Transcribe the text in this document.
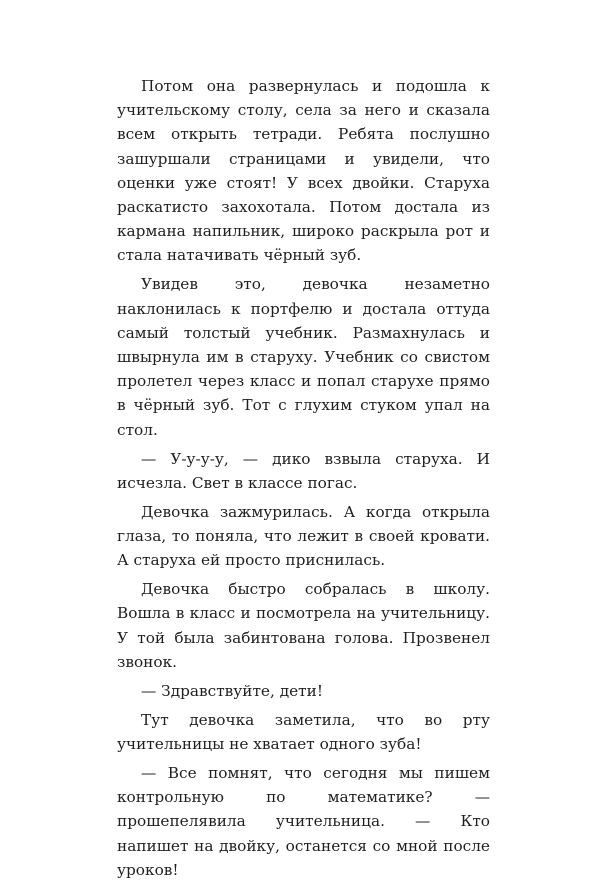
Потом она развернулась и подошла к учительскому столу, села за него и сказала всем открыть тетради. Ребята послушно зашуршали страницами и увидели, что оценки уже стоят! У всех двойки. Старуха раскатисто захохотала. Потом достала из кармана напильник, широко раскрыла рот и стала натачивать чёрный зуб.

Увидев это, девочка незаметно наклонилась к портфелю и достала оттуда самый толстый учебник. Размахнулась и швырнула им в старуху. Учебник со свистом пролетел через класс и попал старухе прямо в чёрный зуб. Тот с глухим стуком упал на стол.

— У-у-у-у, — дико взвыла старуха. И исчезла. Свет в классе погас.

Девочка зажмурилась. А когда открыла глаза, то поняла, что лежит в своей кровати. А старуха ей просто приснилась.

Девочка быстро собралась в школу. Вошла в класс и посмотрела на учительницу. У той была забинтована голова. Прозвенел звонок.

— Здравствуйте, дети!

Тут девочка заметила, что во рту учительницы не хватает одного зуба!

— Все помнят, что сегодня мы пишем контрольную по математике? — прошепелявила учительница. — Кто напишет на двойку, останется со мной после уроков!
